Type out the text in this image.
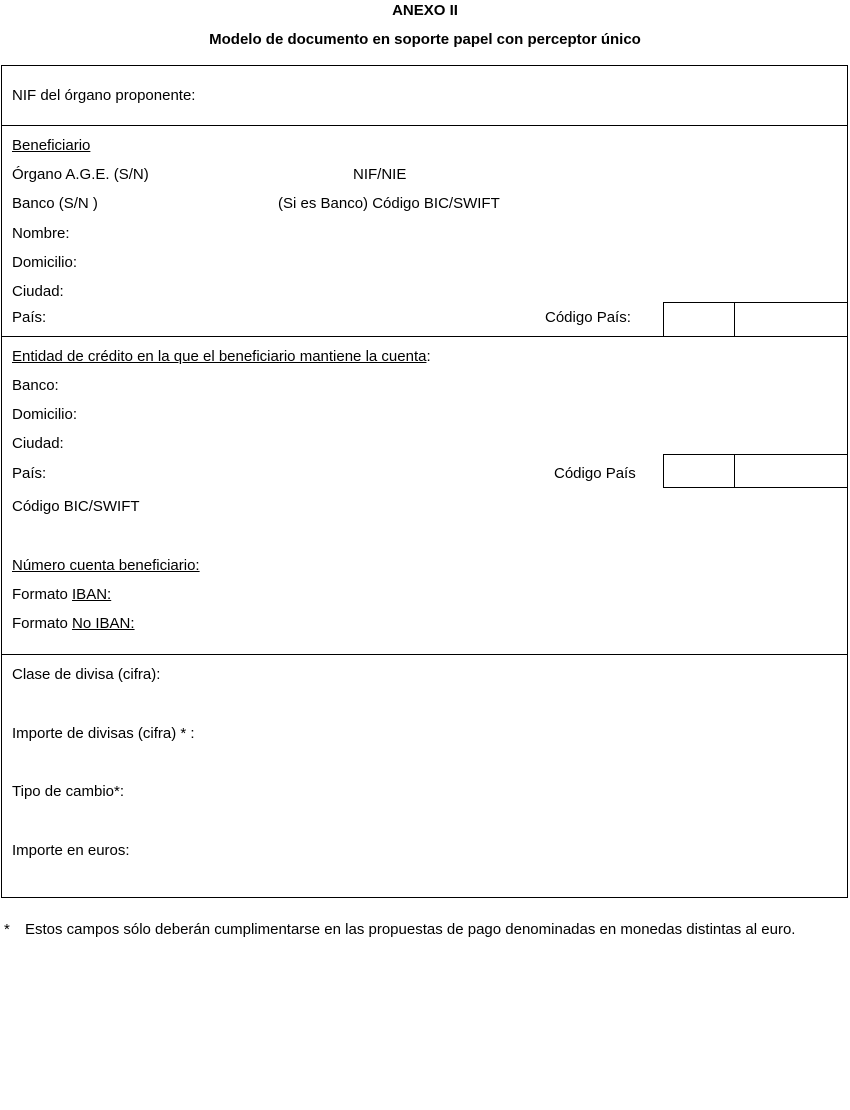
ANEXO II
Modelo de documento en soporte papel con perceptor único
NIF del órgano proponente:
Beneficiario
Órgano A.G.E. (S/N)	NIF/NIE
Banco (S/N )	(Si es Banco) Código BIC/SWIFT
Nombre:
Domicilio:
Ciudad:
País:	Código País:
Entidad de crédito en la que el beneficiario mantiene la cuenta:
Banco:
Domicilio:
Ciudad:
País:	Código País
Código BIC/SWIFT
Número cuenta beneficiario:
Formato IBAN:
Formato No IBAN:
Clase de divisa (cifra):
Importe de divisas (cifra) * :
Tipo de cambio*:
Importe en euros:
* Estos campos sólo deberán cumplimentarse en las propuestas de pago denominadas en monedas distintas al euro.
